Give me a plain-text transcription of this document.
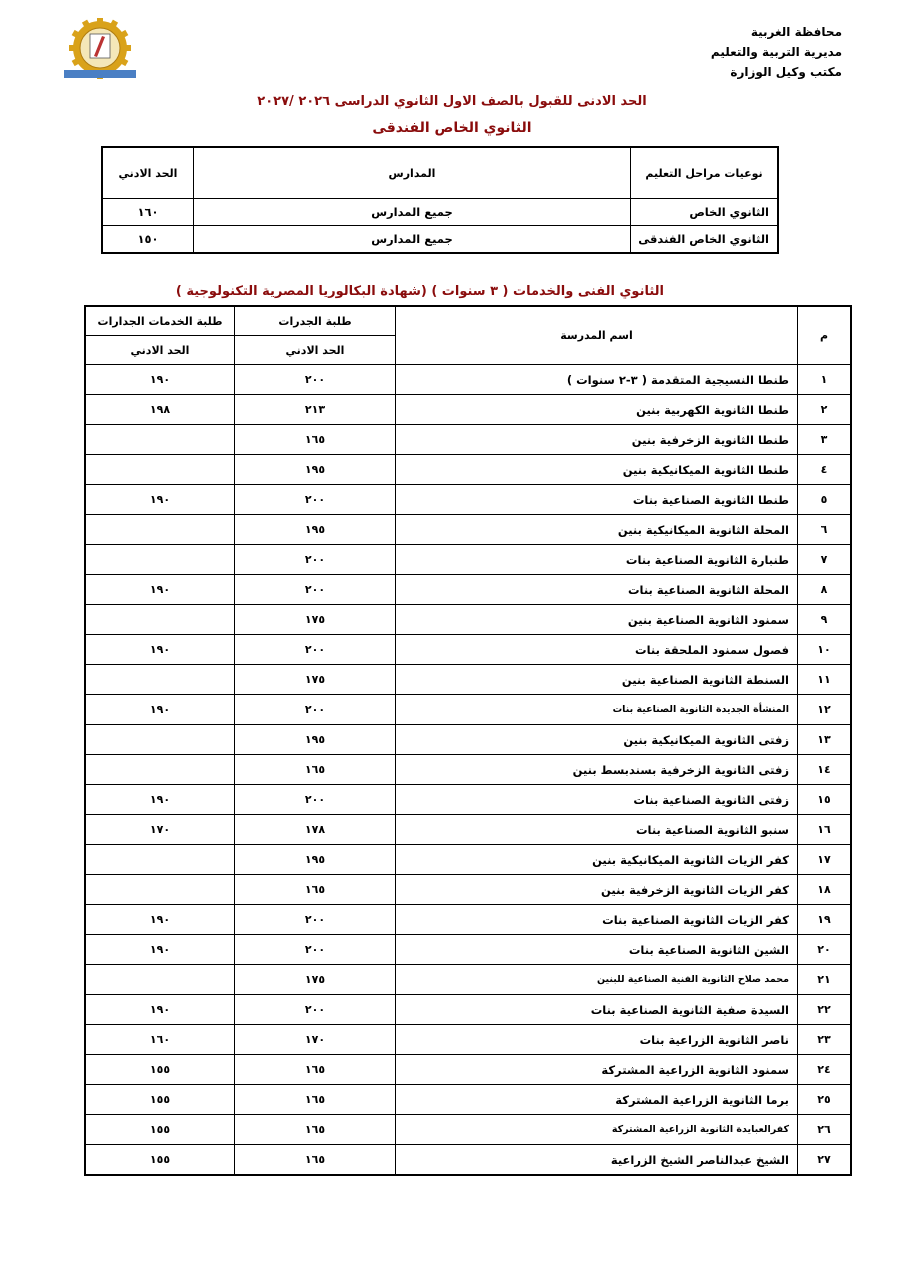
محافظة الغربية
مديرية التربية والتعليم
مكتب وكيل الوزارة
الحد الادنى للقبول بالصف الاول الثانوي الدراسى ٢٠٢٦ /٢٠٢٧
الثانوي الخاص الفندقى
نوعيات مراحل التعليم	المدارس	الحد الادني
الثانوي الخاص	جميع المدارس	١٦٠
الثانوي الخاص الفندقى	جميع المدارس	١٥٠
الثانوي الفنى والخدمات ( ٣ سنوات ) (شهادة البكالوريا المصرية التكنولوجية )
م	اسم المدرسة	طلبة الجدرات	طلبة الخدمات الجدارات
		الحد الادني	الحد الادني
١	طنطا النسيجية المتقدمة ( ٣-٢ سنوات )	٢٠٠	١٩٠
٢	طنطا الثانوية الكهربية بنين	٢١٣	١٩٨
٣	طنطا الثانوية الزخرفية بنين	١٦٥	
٤	طنطا الثانوية الميكانيكية بنين	١٩٥	
٥	طنطا الثانوية الصناعية بنات	٢٠٠	١٩٠
٦	المحلة الثانوية الميكانيكية بنين	١٩٥	
٧	طنبارة الثانوية الصناعية بنات	٢٠٠	
٨	المحلة الثانوية الصناعية بنات	٢٠٠	١٩٠
٩	سمنود الثانوية الصناعية بنين	١٧٥	
١٠	فصول سمنود الملحقة بنات	٢٠٠	١٩٠
١١	السنطة الثانوية الصناعية بنين	١٧٥	
١٢	المنشأة الجديدة الثانوية الصناعية بنات	٢٠٠	١٩٠
١٣	زفتى الثانوية الميكانيكية بنين	١٩٥	
١٤	زفتى الثانوية الزخرفية بسندبسط بنين	١٦٥	
١٥	زفتى الثانوية الصناعية بنات	٢٠٠	١٩٠
١٦	سنبو الثانوية الصناعية بنات	١٧٨	١٧٠
١٧	كفر الزيات الثانوية الميكانيكية بنين	١٩٥	
١٨	كفر الزيات الثانوية الزخرفية بنين	١٦٥	
١٩	كفر الزيات الثانوية الصناعية بنات	٢٠٠	١٩٠
٢٠	الشين الثانوية الصناعية بنات	٢٠٠	١٩٠
٢١	محمد صلاح الثانوية الفنية الصناعية للبنين	١٧٥	
٢٢	السيدة صفية الثانوية الصناعية بنات	٢٠٠	١٩٠
٢٣	ناصر الثانوية الزراعية بنات	١٧٠	١٦٠
٢٤	سمنود الثانوية الزراعية المشتركة	١٦٥	١٥٥
٢٥	برما الثانوية الزراعية المشتركة	١٦٥	١٥٥
٢٦	كفرالعبايدة الثانوية الزراعية المشتركة	١٦٥	١٥٥
٢٧	الشيخ عبدالناصر الشيخ الزراعية	١٦٥	١٥٥
